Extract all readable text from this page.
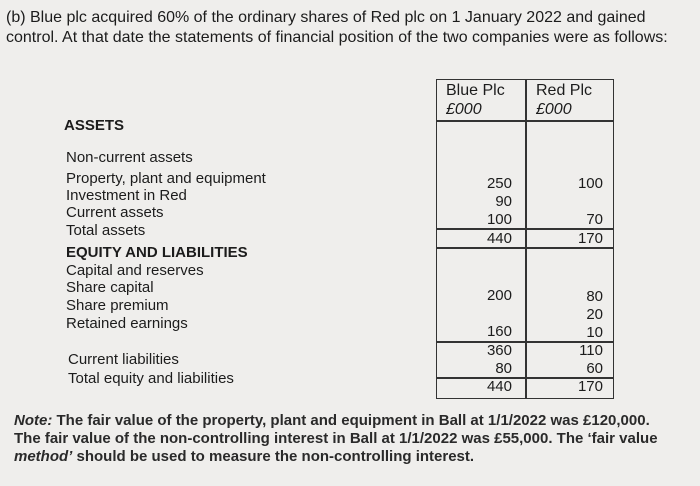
(b) Blue plc acquired 60% of the ordinary shares of Red plc on 1 January 2022 and gained control. At that date the statements of financial position of the two companies were as follows:
Blue Plc
£000
Red Plc
£000
ASSETS
Non-current assets
Property, plant and equipment
Investment in Red
Current assets
Total assets
EQUITY AND LIABILITIES
Capital and reserves
Share capital
Share premium
Retained earnings
Current liabilities
Total equity and liabilities
250
90
100
440
200
160
360
80
440
100
70
170
80
20
10
110
60
170
Note: The fair value of the property, plant and equipment in Ball at 1/1/2022 was £120,000.
The fair value of the non-controlling interest in Ball at 1/1/2022 was £55,000. The ‘fair value
method’ should be used to measure the non-controlling interest.
